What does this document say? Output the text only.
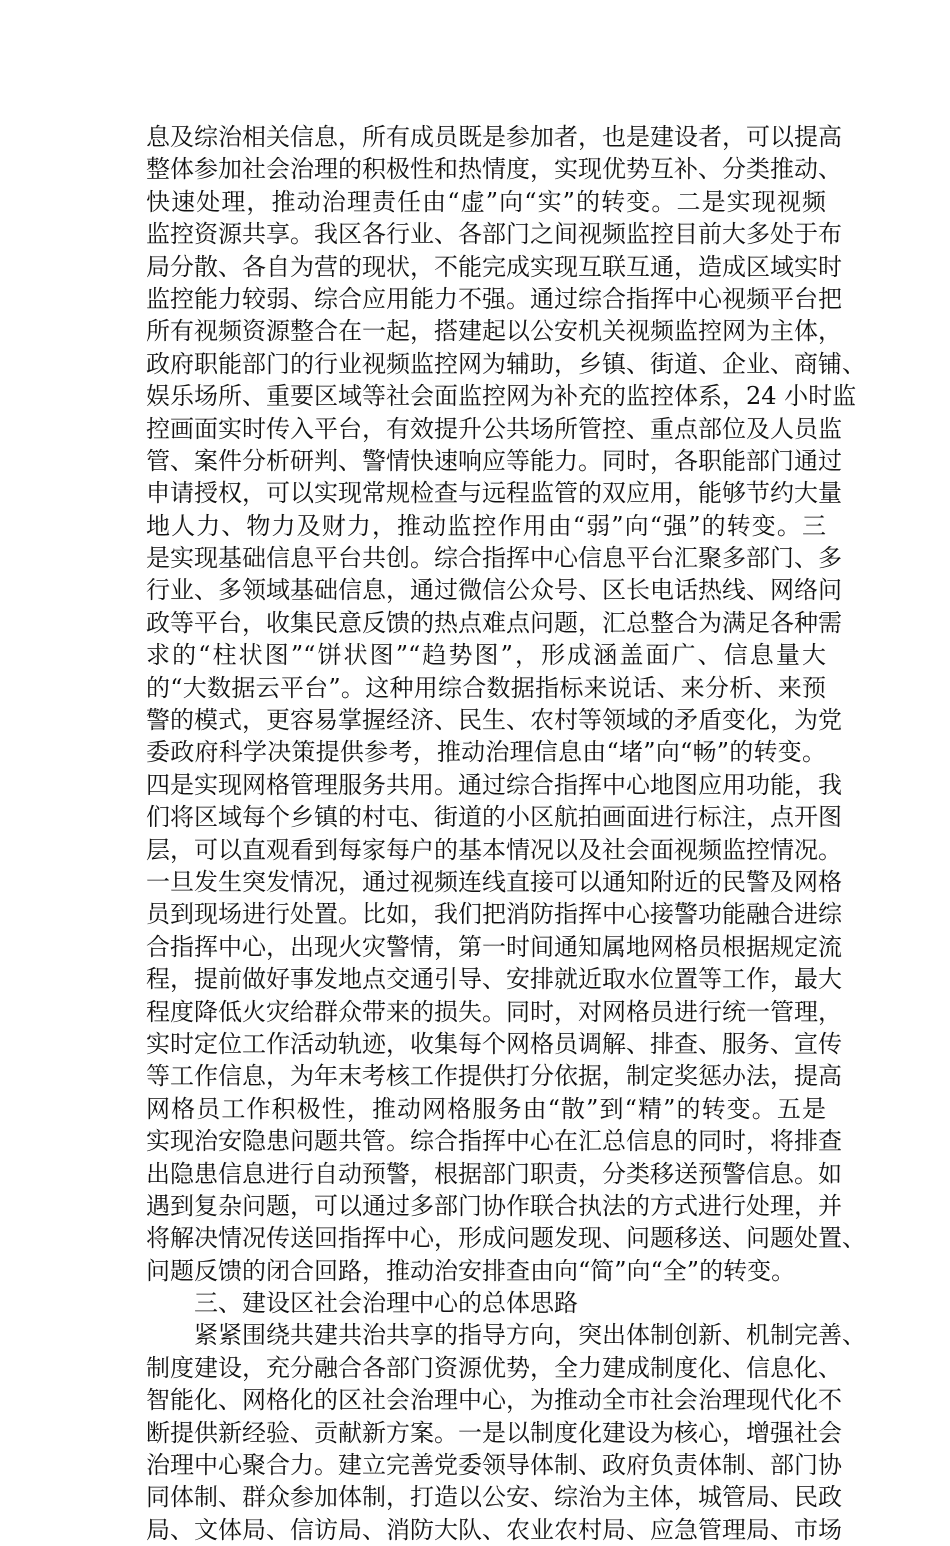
息及综治相关信息，所有成员既是参加者，也是建设者，可以提高
整体参加社会治理的积极性和热情度，实现优势互补、分类推动、
快速处理，推动治理责任由“虚”向“实”的转变。二是实现视频
监控资源共享。我区各行业、各部门之间视频监控目前大多处于布
局分散、各自为营的现状，不能完成实现互联互通，造成区域实时
监控能力较弱、综合应用能力不强。通过综合指挥中心视频平台把
所有视频资源整合在一起，搭建起以公安机关视频监控网为主体，
政府职能部门的行业视频监控网为辅助，乡镇、街道、企业、商铺、
娱乐场所、重要区域等社会面监控网为补充的监控体系，24 小时监
控画面实时传入平台，有效提升公共场所管控、重点部位及人员监
管、案件分析研判、警情快速响应等能力。同时，各职能部门通过
申请授权，可以实现常规检查与远程监管的双应用，能够节约大量
地人力、物力及财力，推动监控作用由“弱”向“强”的转变。三
是实现基础信息平台共创。综合指挥中心信息平台汇聚多部门、多
行业、多领域基础信息，通过微信公众号、区长电话热线、网络问
政等平台，收集民意反馈的热点难点问题，汇总整合为满足各种需
求的“柱状图”“饼状图”“趋势图”，形成涵盖面广、信息量大
的“大数据云平台”。这种用综合数据指标来说话、来分析、来预
警的模式，更容易掌握经济、民生、农村等领域的矛盾变化，为党
委政府科学决策提供参考，推动治理信息由“堵”向“畅”的转变。
四是实现网格管理服务共用。通过综合指挥中心地图应用功能，我
们将区域每个乡镇的村屯、街道的小区航拍画面进行标注，点开图
层，可以直观看到每家每户的基本情况以及社会面视频监控情况。
一旦发生突发情况，通过视频连线直接可以通知附近的民警及网格
员到现场进行处置。比如，我们把消防指挥中心接警功能融合进综
合指挥中心，出现火灾警情，第一时间通知属地网格员根据规定流
程，提前做好事发地点交通引导、安排就近取水位置等工作，最大
程度降低火灾给群众带来的损失。同时，对网格员进行统一管理，
实时定位工作活动轨迹，收集每个网格员调解、排查、服务、宣传
等工作信息，为年末考核工作提供打分依据，制定奖惩办法，提高
网格员工作积极性，推动网格服务由“散”到“精”的转变。五是
实现治安隐患问题共管。综合指挥中心在汇总信息的同时，将排查
出隐患信息进行自动预警，根据部门职责，分类移送预警信息。如
遇到复杂问题，可以通过多部门协作联合执法的方式进行处理，并
将解决情况传送回指挥中心，形成问题发现、问题移送、问题处置、
问题反馈的闭合回路，推动治安排查由向“简”向“全”的转变。
　　三、建设区社会治理中心的总体思路
　　紧紧围绕共建共治共享的指导方向，突出体制创新、机制完善、
制度建设，充分融合各部门资源优势，全力建成制度化、信息化、
智能化、网格化的区社会治理中心，为推动全市社会治理现代化不
断提供新经验、贡献新方案。一是以制度化建设为核心，增强社会
治理中心聚合力。建立完善党委领导体制、政府负责体制、部门协
同体制、群众参加体制，打造以公安、综治为主体，城管局、民政
局、文体局、信访局、消防大队、农业农村局、应急管理局、市场
